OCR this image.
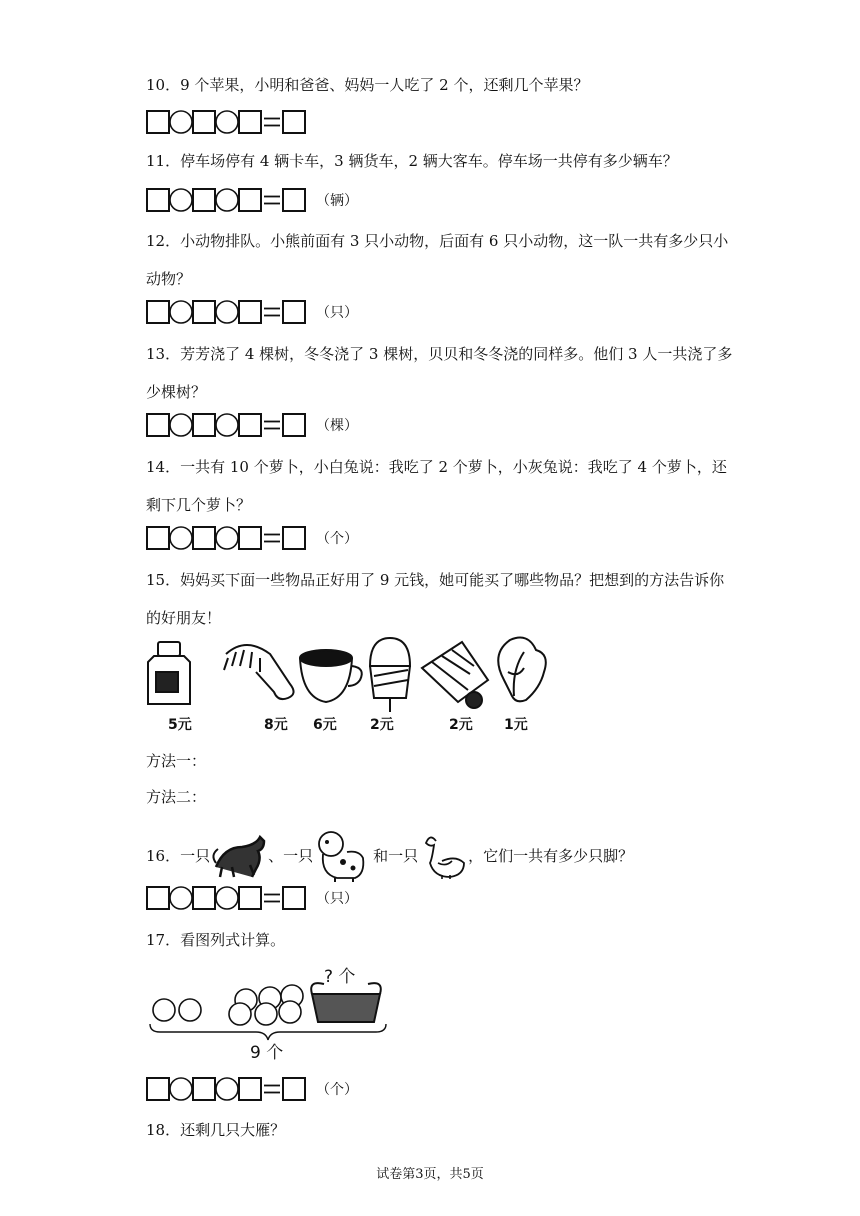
10．9 个苹果，小明和爸爸、妈妈一人吃了 2 个，还剩几个苹果？
11．停车场停有 4 辆卡车，3 辆货车，2 辆大客车。停车场一共停有多少辆车？
（辆）
12．小动物排队。小熊前面有 3 只小动物，后面有 6 只小动物，这一队一共有多少只小
动物？
（只）
13．芳芳浇了 4 棵树，冬冬浇了 3 棵树，贝贝和冬冬浇的同样多。他们 3 人一共浇了多
少棵树？
（棵）
14．一共有 10 个萝卜，小白兔说：我吃了 2 个萝卜，小灰兔说：我吃了 4 个萝卜，还
剩下几个萝卜？
（个）
15．妈妈买下面一些物品正好用了 9 元钱，她可能买了哪些物品？把想到的方法告诉你
的好朋友！
5元	8元 6元 2元	2元 1元
方法一：
方法二：
16．一只	、一只	和一只	，它们一共有多少只脚？
（只）
17．看图列式计算。
? 个
9 个
（个）
18．还剩几只大雁？
试卷第3页，共5页
